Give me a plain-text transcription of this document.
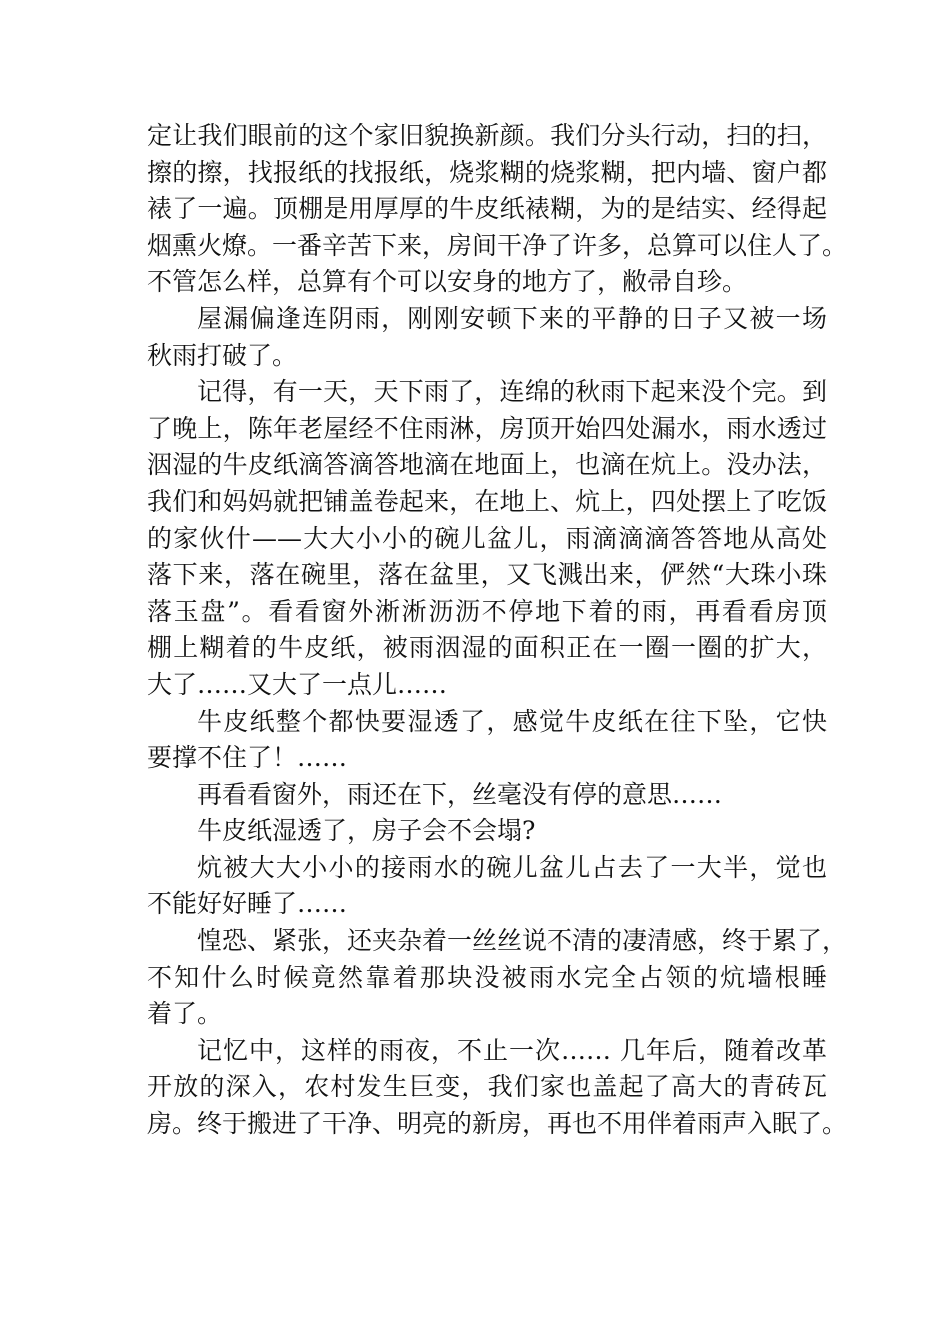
定让我们眼前的这个家旧貌换新颜。我们分头行动，扫的扫，
擦的擦，找报纸的找报纸，烧浆糊的烧浆糊，把内墙、窗户都
裱了一遍。顶棚是用厚厚的牛皮纸裱糊，为的是结实、经得起
烟熏火燎。一番辛苦下来，房间干净了许多，总算可以住人了。
不管怎么样，总算有个可以安身的地方了，敝帚自珍。
屋漏偏逢连阴雨，刚刚安顿下来的平静的日子又被一场
秋雨打破了。
记得，有一天，天下雨了，连绵的秋雨下起来没个完。到
了晚上，陈年老屋经不住雨淋，房顶开始四处漏水，雨水透过
洇湿的牛皮纸滴答滴答地滴在地面上，也滴在炕上。没办法，
我们和妈妈就把铺盖卷起来，在地上、炕上，四处摆上了吃饭
的家伙什——大大小小的碗儿盆儿，雨滴滴滴答答地从高处
落下来，落在碗里，落在盆里，又飞溅出来，俨然“大珠小珠
落玉盘”。看看窗外淅淅沥沥不停地下着的雨，再看看房顶
棚上糊着的牛皮纸，被雨洇湿的面积正在一圈一圈的扩大，
大了……又大了一点儿……
牛皮纸整个都快要湿透了，感觉牛皮纸在往下坠，它快
要撑不住了！……
再看看窗外，雨还在下，丝毫没有停的意思……
牛皮纸湿透了，房子会不会塌?
炕被大大小小的接雨水的碗儿盆儿占去了一大半，觉也
不能好好睡了……
惶恐、紧张，还夹杂着一丝丝说不清的凄清感，终于累了，
不知什么时候竟然靠着那块没被雨水完全占领的炕墙根睡
着了。
记忆中，这样的雨夜，不止一次…… 几年后，随着改革
开放的深入，农村发生巨变，我们家也盖起了高大的青砖瓦
房。终于搬进了干净、明亮的新房，再也不用伴着雨声入眠了。
